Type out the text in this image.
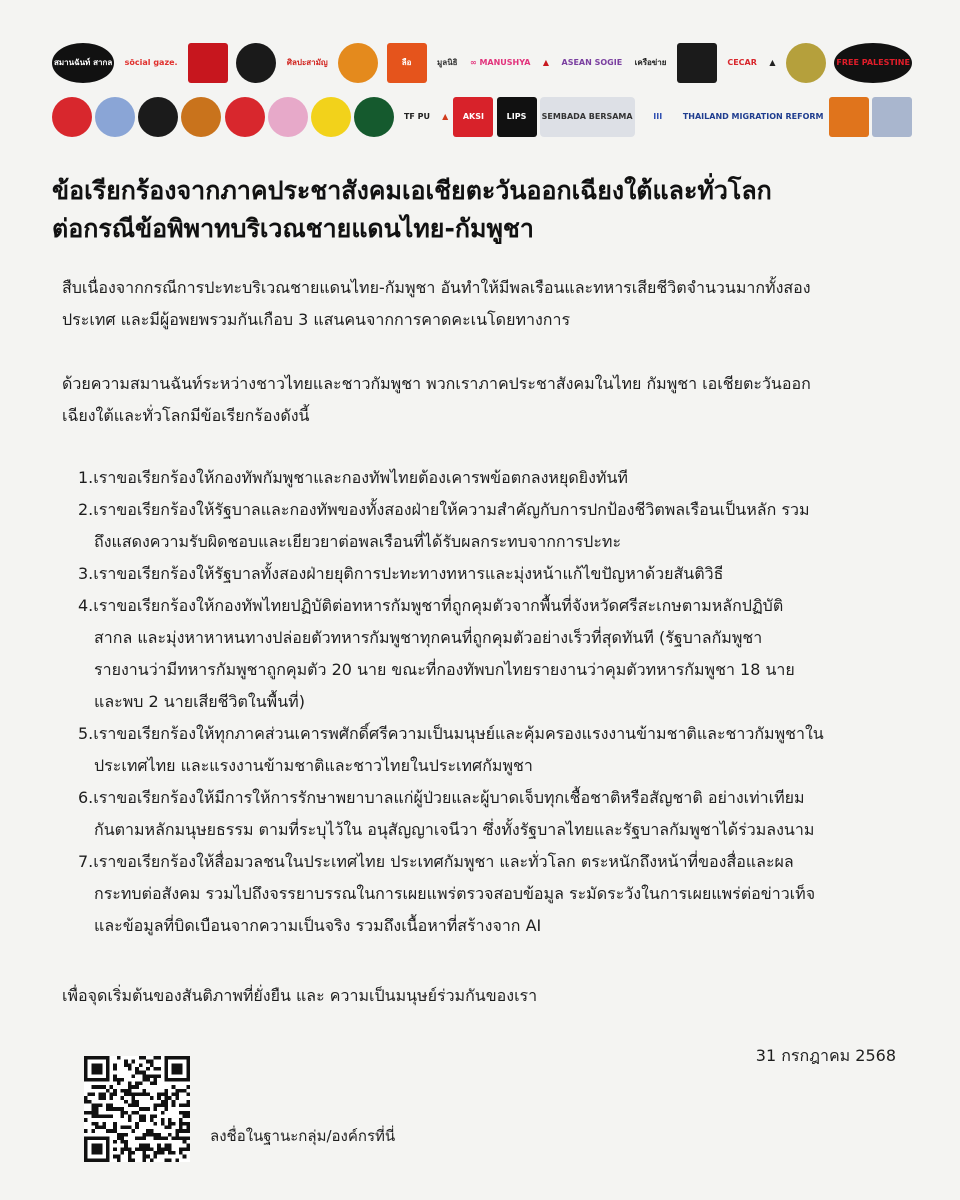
สมานฉันท์ สากล sōcial gaze.	ศิลปะสามัญ	ลือ	มูลนิธิ ∞ MANUSHYA ▲ ASEAN SOGIE เครือข่าย	CECAR ▲	FREE PALESTINE
TF PU	▲	AKSI	LIPS	SEMBADA BERSAMA	III	THAILAND MIGRATION REFORM
ข้อเรียกร้องจากภาคประชาสังคมเอเชียตะวันออกเฉียงใต้และทั่วโลก
ต่อกรณีข้อพิพาทบริเวณชายแดนไทย-กัมพูชา
สืบเนื่องจากกรณีการปะทะบริเวณชายแดนไทย-กัมพูชา อันทำให้มีพลเรือนและทหารเสียชีวิตจำนวนมากทั้งสอง
ประเทศ และมีผู้อพยพรวมกันเกือบ 3 แสนคนจากการคาดคะเนโดยทางการ
ด้วยความสมานฉันท์ระหว่างชาวไทยและชาวกัมพูชา พวกเราภาคประชาสังคมในไทย กัมพูชา เอเชียตะวันออก
เฉียงใต้และทั่วโลกมีข้อเรียกร้องดังนี้
1.เราขอเรียกร้องให้กองทัพกัมพูชาและกองทัพไทยต้องเคารพข้อตกลงหยุดยิงทันที
2.เราขอเรียกร้องให้รัฐบาลและกองทัพของทั้งสองฝ่ายให้ความสำคัญกับการปกป้องชีวิตพลเรือนเป็นหลัก รวม
ถึงแสดงความรับผิดชอบและเยียวยาต่อพลเรือนที่ได้รับผลกระทบจากการปะทะ
3.เราขอเรียกร้องให้รัฐบาลทั้งสองฝ่ายยุติการปะทะทางทหารและมุ่งหน้าแก้ไขปัญหาด้วยสันติวิธี
4.เราขอเรียกร้องให้กองทัพไทยปฏิบัติต่อทหารกัมพูชาที่ถูกคุมตัวจากพื้นที่จังหวัดศรีสะเกษตามหลักปฏิบัติ
สากล และมุ่งหาหาหนทางปล่อยตัวทหารกัมพูชาทุกคนที่ถูกคุมตัวอย่างเร็วที่สุดทันที (รัฐบาลกัมพูชา
รายงานว่ามีทหารกัมพูชาถูกคุมตัว 20 นาย ขณะที่กองทัพบกไทยรายงานว่าคุมตัวทหารกัมพูชา 18 นาย
และพบ 2 นายเสียชีวิตในพื้นที่)
5.เราขอเรียกร้องให้ทุกภาคส่วนเคารพศักดิ์ศรีความเป็นมนุษย์และคุ้มครองแรงงานข้ามชาติและชาวกัมพูชาใน
ประเทศไทย และแรงงานข้ามชาติและชาวไทยในประเทศกัมพูชา
6.เราขอเรียกร้องให้มีการให้การรักษาพยาบาลแก่ผู้ป่วยและผู้บาดเจ็บทุกเชื้อชาติหรือสัญชาติ อย่างเท่าเทียม
กันตามหลักมนุษยธรรม ตามที่ระบุไว้ใน อนุสัญญาเจนีวา ซึ่งทั้งรัฐบาลไทยและรัฐบาลกัมพูชาได้ร่วมลงนาม
7.เราขอเรียกร้องให้สื่อมวลชนในประเทศไทย ประเทศกัมพูชา และทั่วโลก ตระหนักถึงหน้าที่ของสื่อและผล
กระทบต่อสังคม รวมไปถึงจรรยาบรรณในการเผยแพร่ตรวจสอบข้อมูล ระมัดระวังในการเผยแพร่ต่อข่าวเท็จ
และข้อมูลที่บิดเบือนจากความเป็นจริง รวมถึงเนื้อหาที่สร้างจาก AI
เพื่อจุดเริ่มต้นของสันติภาพที่ยั่งยืน และ ความเป็นมนุษย์ร่วมกันของเรา
31 กรกฎาคม 2568
ลงชื่อในฐานะกลุ่ม/องค์กรที่นี่
